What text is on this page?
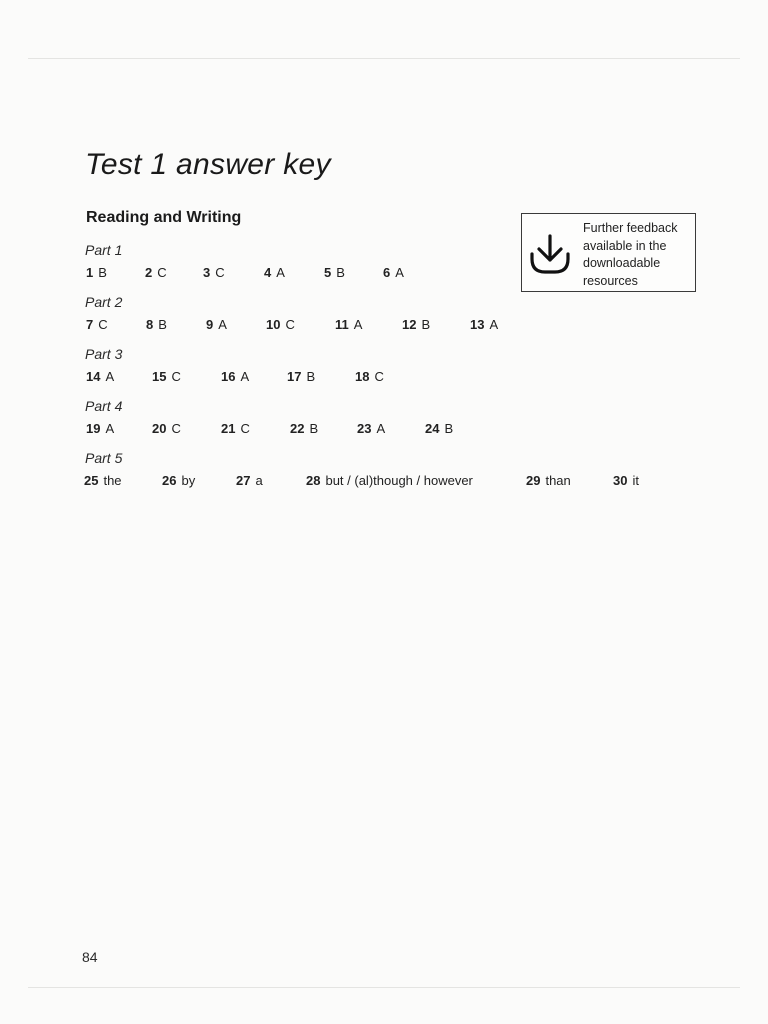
Test 1 answer key
Reading and Writing
Further feedback available in the downloadable resources
Part 1
1 B	2 C	3 C	4 A	5 B	6 A
Part 2
7 C	8 B	9 A	10 C	11 A	12 B	13 A
Part 3
14 A	15 C	16 A	17 B	18 C
Part 4
19 A	20 C	21 C	22 B	23 A	24 B
Part 5
25 the	26 by	27 a	28 but / (al)though / however	29 than	30 it
84
